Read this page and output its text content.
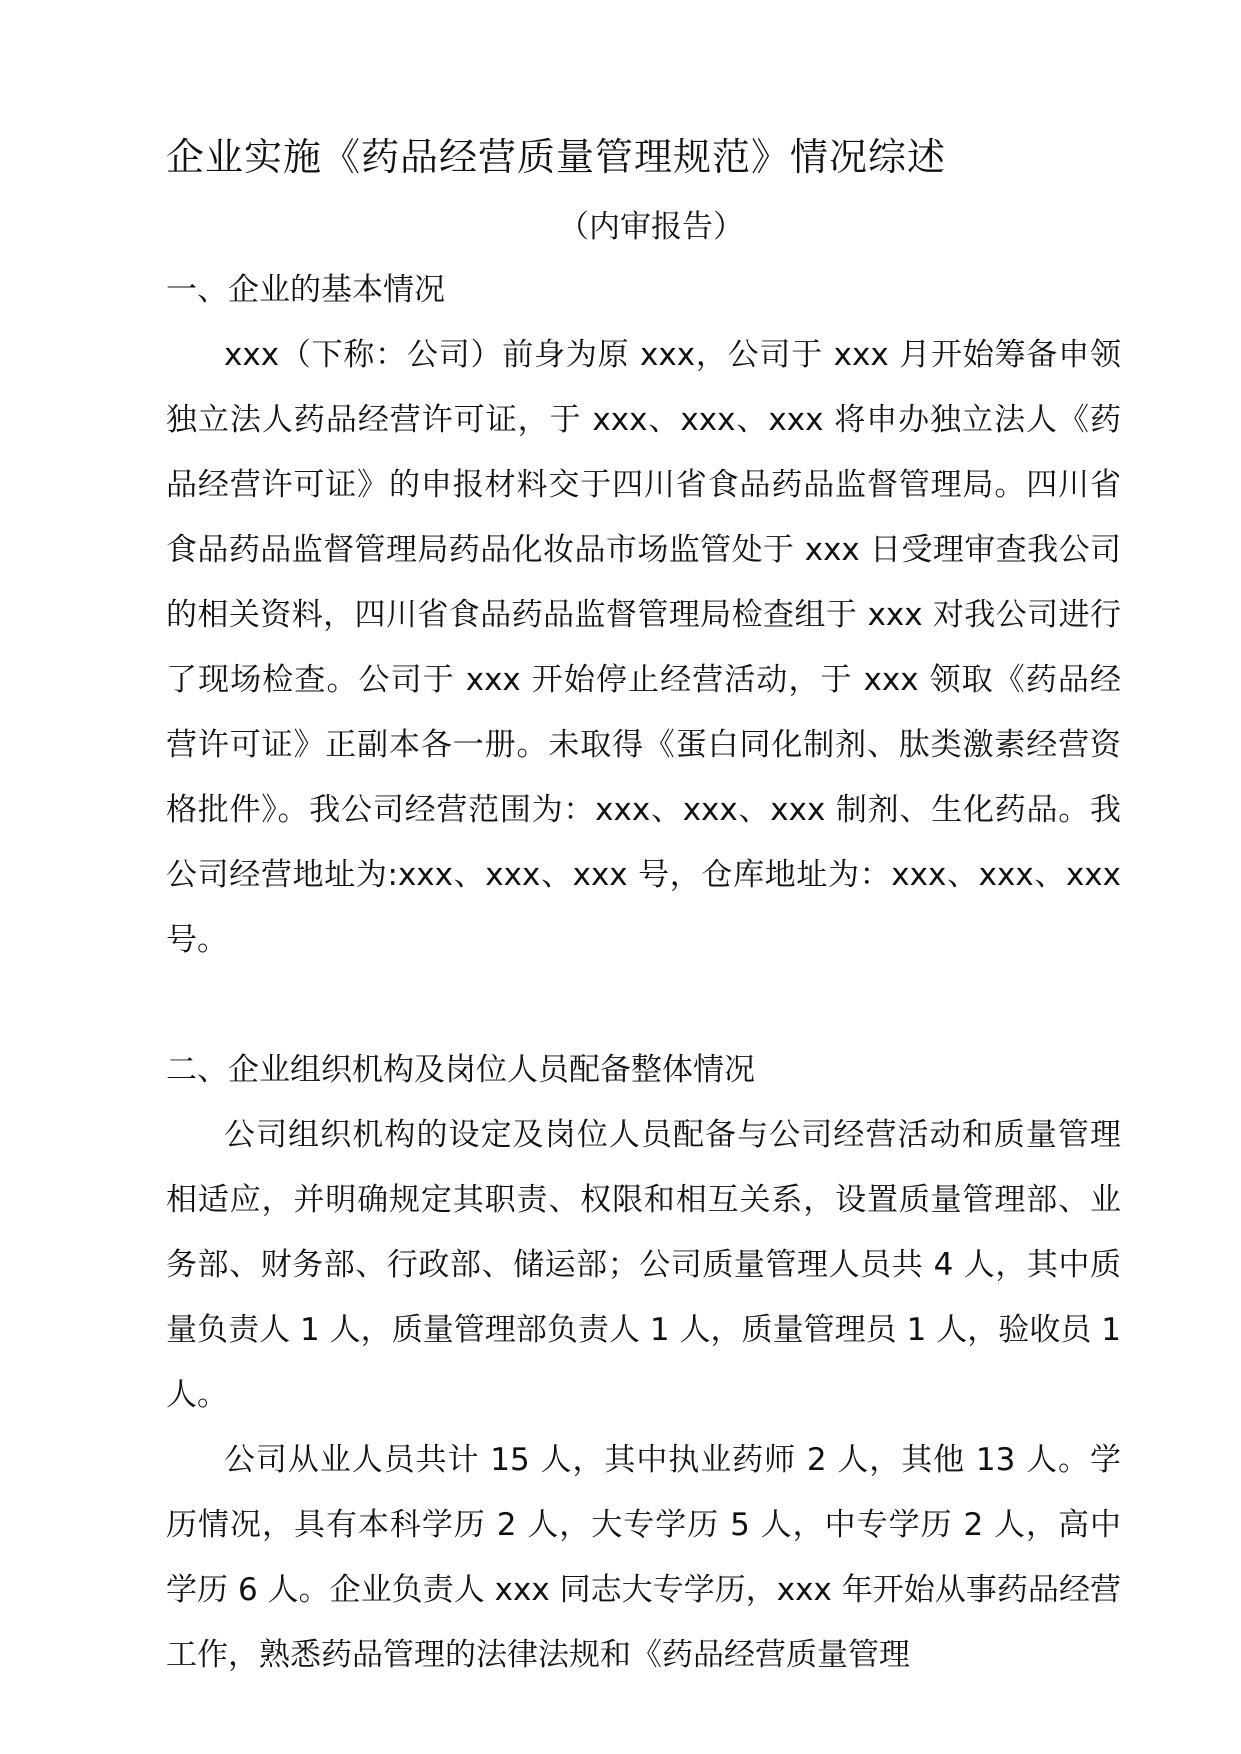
企业实施《药品经营质量管理规范》情况综述
（内审报告）
一、企业的基本情况

xxx（下称：公司）前身为原 xxx，公司于 xxx 月开始筹备申领独立法人药品经营许可证，于 xxx、xxx、xxx 将申办独立法人《药品经营许可证》的申报材料交于四川省食品药品监督管理局。四川省食品药品监督管理局药品化妆品市场监管处于 xxx 日受理审查我公司的相关资料，四川省食品药品监督管理局检查组于 xxx 对我公司进行了现场检查。公司于 xxx 开始停止经营活动，于 xxx 领取《药品经营许可证》正副本各一册。未取得《蛋白同化制剂、肽类激素经营资格批件》。我公司经营范围为：xxx、xxx、xxx 制剂、生化药品。我公司经营地址为:xxx、xxx、xxx 号，仓库地址为：xxx、xxx、xxx 号。

二、企业组织机构及岗位人员配备整体情况

公司组织机构的设定及岗位人员配备与公司经营活动和质量管理相适应，并明确规定其职责、权限和相互关系，设置质量管理部、业务部、财务部、行政部、储运部；公司质量管理人员共 4 人，其中质量负责人 1 人，质量管理部负责人 1 人，质量管理员 1 人，验收员 1 人。

公司从业人员共计 15 人，其中执业药师 2 人，其他 13 人。学历情况，具有本科学历 2 人，大专学历 5 人，中专学历 2 人，高中学历 6 人。企业负责人 xxx 同志大专学历，xxx 年开始从事药品经营工作，熟悉药品管理的法律法规和《药品经营质量管理
